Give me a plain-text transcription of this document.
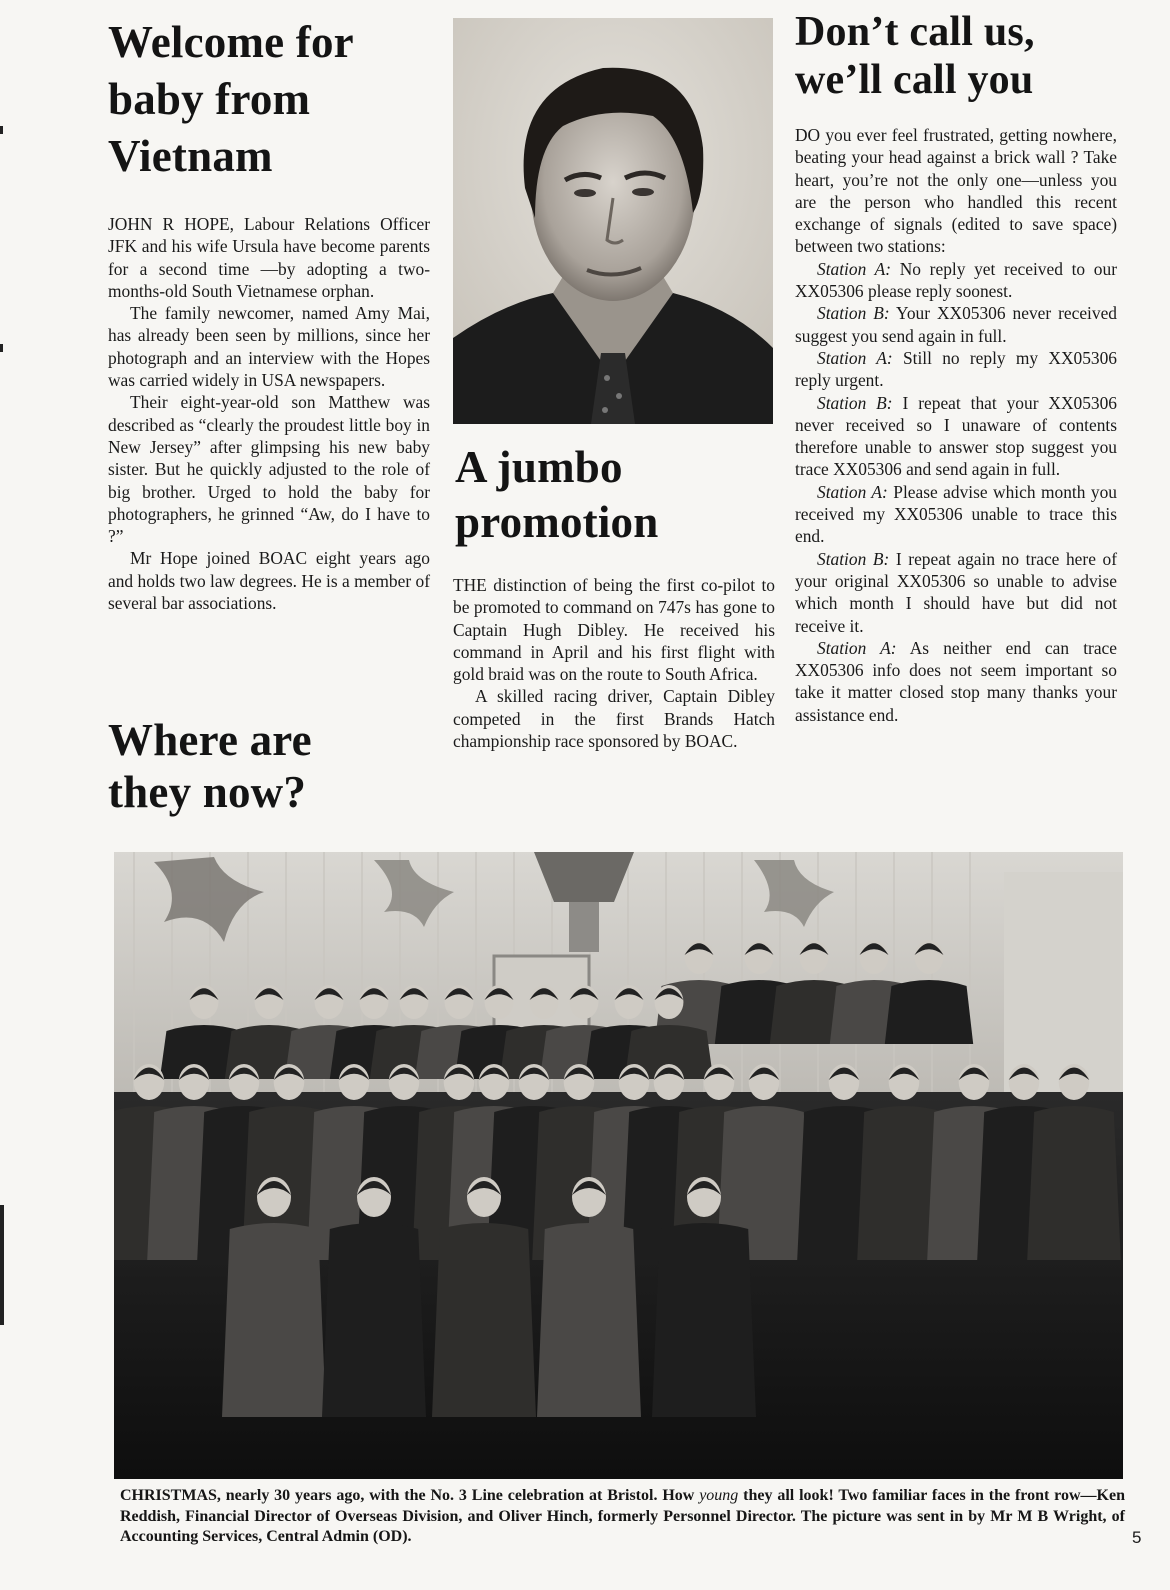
Welcome for
baby from
Vietnam

JOHN R HOPE, Labour Relations Officer JFK and his wife Ursula have become parents for a second time —by adopting a two-months-old South Vietnamese orphan.

The family newcomer, named Amy Mai, has already been seen by millions, since her photograph and an interview with the Hopes was carried widely in USA newspapers.

Their eight-year-old son Matthew was described as “clearly the proudest little boy in New Jersey” after glimpsing his new baby sister. But he quickly adjusted to the role of big brother. Urged to hold the baby for photographers, he grinned “Aw, do I have to ?”

Mr Hope joined BOAC eight years ago and holds two law degrees. He is a member of several bar associations.

Where are
they now?
A jumbo
promotion

THE distinction of being the first co-pilot to be promoted to command on 747s has gone to Captain Hugh Dibley. He received his command in April and his first flight with gold braid was on the route to South Africa.

A skilled racing driver, Captain Dibley competed in the first Brands Hatch championship race sponsored by BOAC.

Don’t call us,
we’ll call you

DO you ever feel frustrated, getting nowhere, beating your head against a brick wall ? Take heart, you’re not the only one—unless you are the person who handled this recent exchange of signals (edited to save space) between two stations:

Station A: No reply yet received to our XX05306 please reply soonest.

Station B: Your XX05306 never received suggest you send again in full.

Station A: Still no reply my XX05306 reply urgent.

Station B: I repeat that your XX05306 never received so I unaware of contents therefore unable to answer stop suggest you trace XX05306 and send again in full.

Station A: Please advise which month you received my XX05306 unable to trace this end.

Station B: I repeat again no trace here of your original XX05306 so unable to advise which month I should have but did not receive it.

Station A: As neither end can trace XX05306 info does not seem important so take it matter closed stop many thanks your assistance end.

CHRISTMAS, nearly 30 years ago, with the No. 3 Line celebration at Bristol. How young they all look! Two familiar faces in the front row—Ken Reddish, Financial Director of Overseas Division, and Oliver Hinch, formerly Personnel Director. The picture was sent in by Mr M B Wright, of Accounting Services, Central Admin (OD).	5
